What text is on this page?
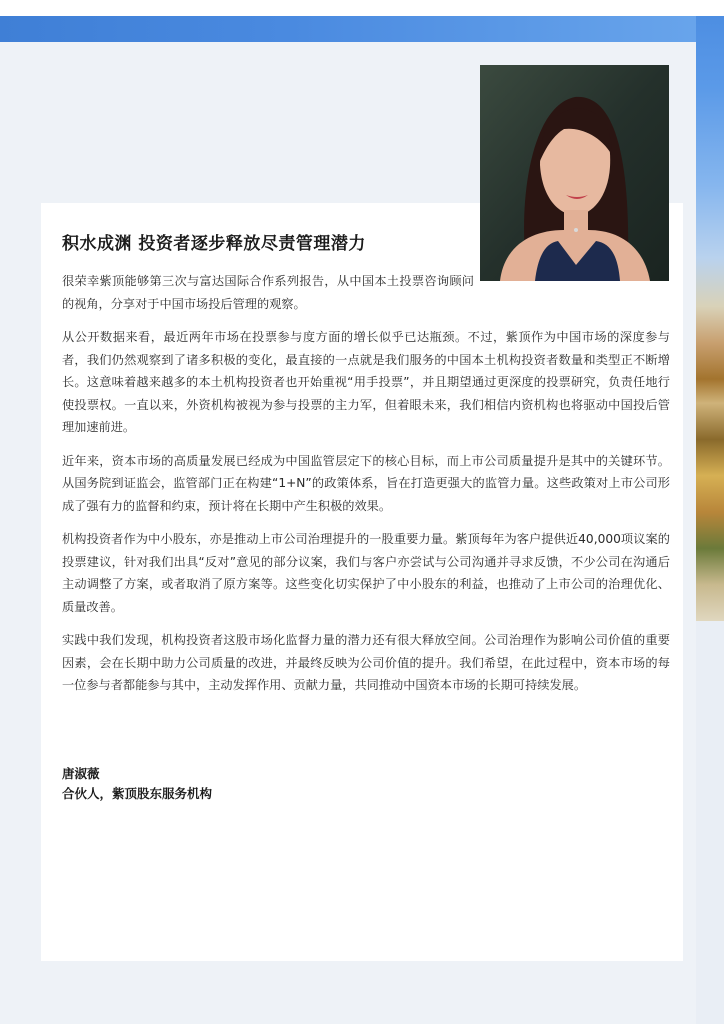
积水成渊 投资者逐步释放尽责管理潜力

很荣幸紫顶能够第三次与富达国际合作系列报告，从中国本土投票咨询顾问的视角，分享对于中国市场投后管理的观察。

从公开数据来看，最近两年市场在投票参与度方面的增长似乎已达瓶颈。不过，紫顶作为中国市场的深度参与者，我们仍然观察到了诸多积极的变化，最直接的一点就是我们服务的中国本土机构投资者数量和类型正不断增长。这意味着越来越多的本土机构投资者也开始重视“用手投票”，并且期望通过更深度的投票研究，负责任地行使投票权。一直以来，外资机构被视为参与投票的主力军，但着眼未来，我们相信内资机构也将驱动中国投后管理加速前进。

近年来，资本市场的高质量发展已经成为中国监管层定下的核心目标，而上市公司质量提升是其中的关键环节。从国务院到证监会，监管部门正在构建“1+N”的政策体系，旨在打造更强大的监管力量。这些政策对上市公司形成了强有力的监督和约束，预计将在长期中产生积极的效果。

机构投资者作为中小股东，亦是推动上市公司治理提升的一股重要力量。紫顶每年为客户提供近40,000项议案的投票建议，针对我们出具“反对”意见的部分议案，我们与客户亦尝试与公司沟通并寻求反馈，不少公司在沟通后主动调整了方案，或者取消了原方案等。这些变化切实保护了中小股东的利益，也推动了上市公司的治理优化、质量改善。

实践中我们发现，机构投资者这股市场化监督力量的潜力还有很大释放空间。公司治理作为影响公司价值的重要因素，会在长期中助力公司质量的改进，并最终反映为公司价值的提升。我们希望，在此过程中，资本市场的每一位参与者都能参与其中，主动发挥作用、贡献力量，共同推动中国资本市场的长期可持续发展。

唐淑薇
合伙人，紫顶股东服务机构
